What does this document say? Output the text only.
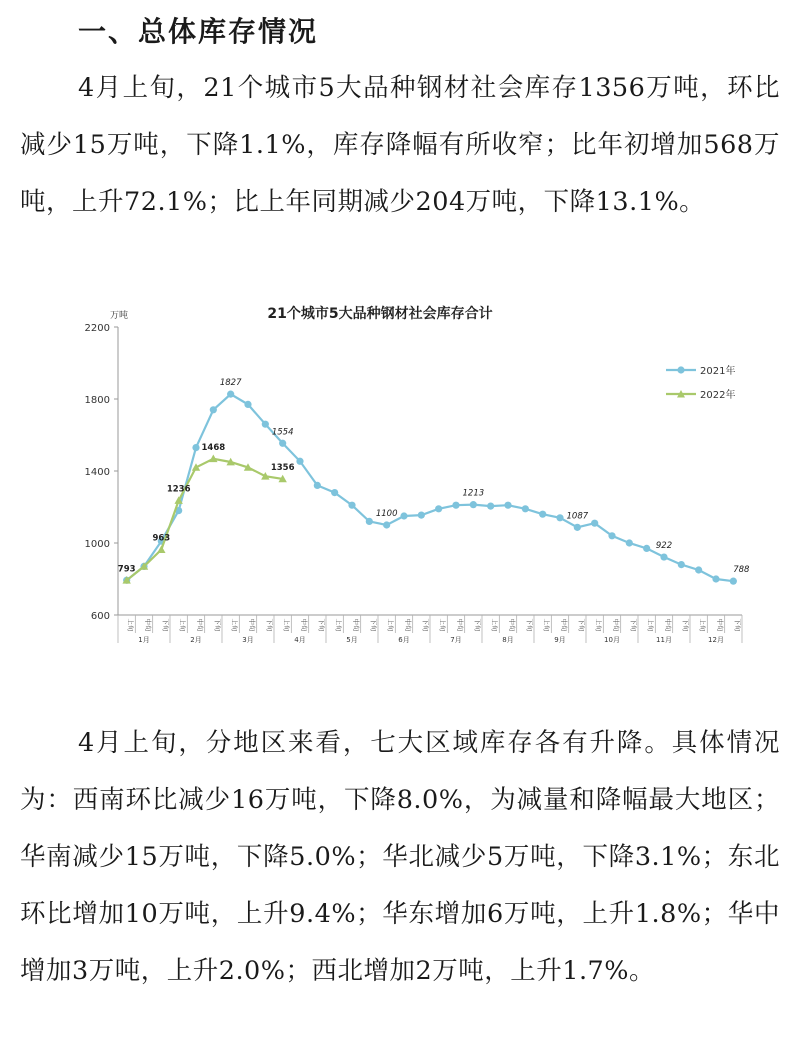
一、总体库存情况

4月上旬，21个城市5大品种钢材社会库存1356万吨，环比减少15万吨，下降1.1%，库存降幅有所收窄；比年初增加568万吨，上升72.1%；比上年同期减少204万吨，下降13.1%。

21个城市5大品种钢材社会库存合计
万吨
600
1000
1400
1800
2200
上旬 中旬 下旬 上旬 中旬 下旬 上旬 中旬 下旬 上旬 中旬 下旬 上旬 中旬 下旬 上旬 中旬 下旬 上旬 中旬 下旬 上旬 中旬 下旬 上旬 中旬 下旬 上旬 中旬 下旬 上旬 中旬 下旬 上旬 中旬 下旬
1月	2月	3月	4月	5月	6月	7月	8月	9月	10月	11月	12月
1827
1554
1100
1213
1087
922
788
793
963
1236
1468
1356
2021年
2022年

4月上旬，分地区来看，七大区域库存各有升降。具体情况为：西南环比减少16万吨，下降8.0%，为减量和降幅最大地区；华南减少15万吨，下降5.0%；华北减少5万吨，下降3.1%；东北环比增加10万吨，上升9.4%；华东增加6万吨，上升1.8%；华中增加3万吨，上升2.0%；西北增加2万吨，上升1.7%。
